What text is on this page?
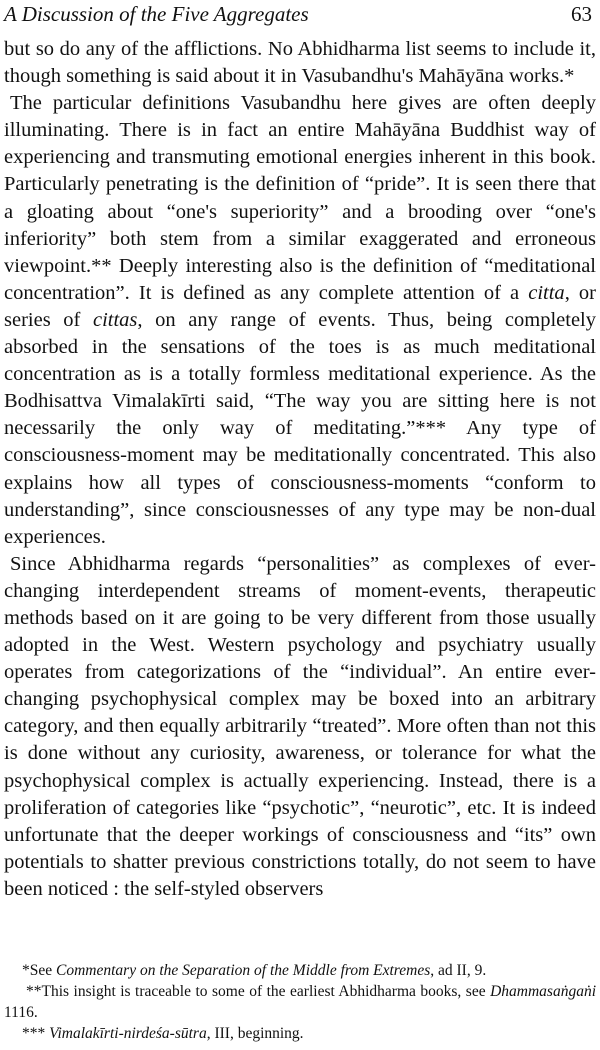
A Discussion of the Five Aggregates	63

but so do any of the afflictions. No Abhidharma list seems to include it, though something is said about it in Vasubandhu's Mahāyāna works.*

The particular definitions Vasubandhu here gives are often deeply illuminating. There is in fact an entire Mahāyāna Buddhist way of experiencing and transmuting emotional energies inherent in this book. Particularly penetrating is the definition of “pride”. It is seen there that a gloating about “one's superiority” and a brooding over “one's inferiority” both stem from a similar exaggerated and erroneous viewpoint.** Deeply interesting also is the definition of “meditational concentration”. It is defined as any complete attention of a citta, or series of cittas, on any range of events. Thus, being completely absorbed in the sensations of the toes is as much meditational concentration as is a totally formless meditational experience. As the Bodhisattva Vimalakīrti said, “The way you are sitting here is not necessarily the only way of meditating.”*** Any type of consciousness-moment may be meditationally concentrated. This also explains how all types of consciousness-moments “conform to understanding”, since consciousnesses of any type may be non-dual experiences.

Since Abhidharma regards “personalities” as complexes of ever-changing interdependent streams of moment-events, therapeutic methods based on it are going to be very different from those usually adopted in the West. Western psychology and psychiatry usually operates from categorizations of the “individual”. An entire ever-changing psychophysical complex may be boxed into an arbitrary category, and then equally arbitrarily “treated”. More often than not this is done without any curiosity, awareness, or tolerance for what the psychophysical complex is actually experiencing. Instead, there is a proliferation of categories like “psychotic”, “neurotic”, etc. It is indeed unfortunate that the deeper workings of consciousness and “its” own potentials to shatter previous constrictions totally, do not seem to have been noticed : the self-styled observers

*See Commentary on the Separation of the Middle from Extremes, ad II, 9.

**This insight is traceable to some of the earliest Abhidharma books, see Dhammasaṅgaṅi 1116.

*** Vimalakīrti-nirdeśa-sūtra, III, beginning.
